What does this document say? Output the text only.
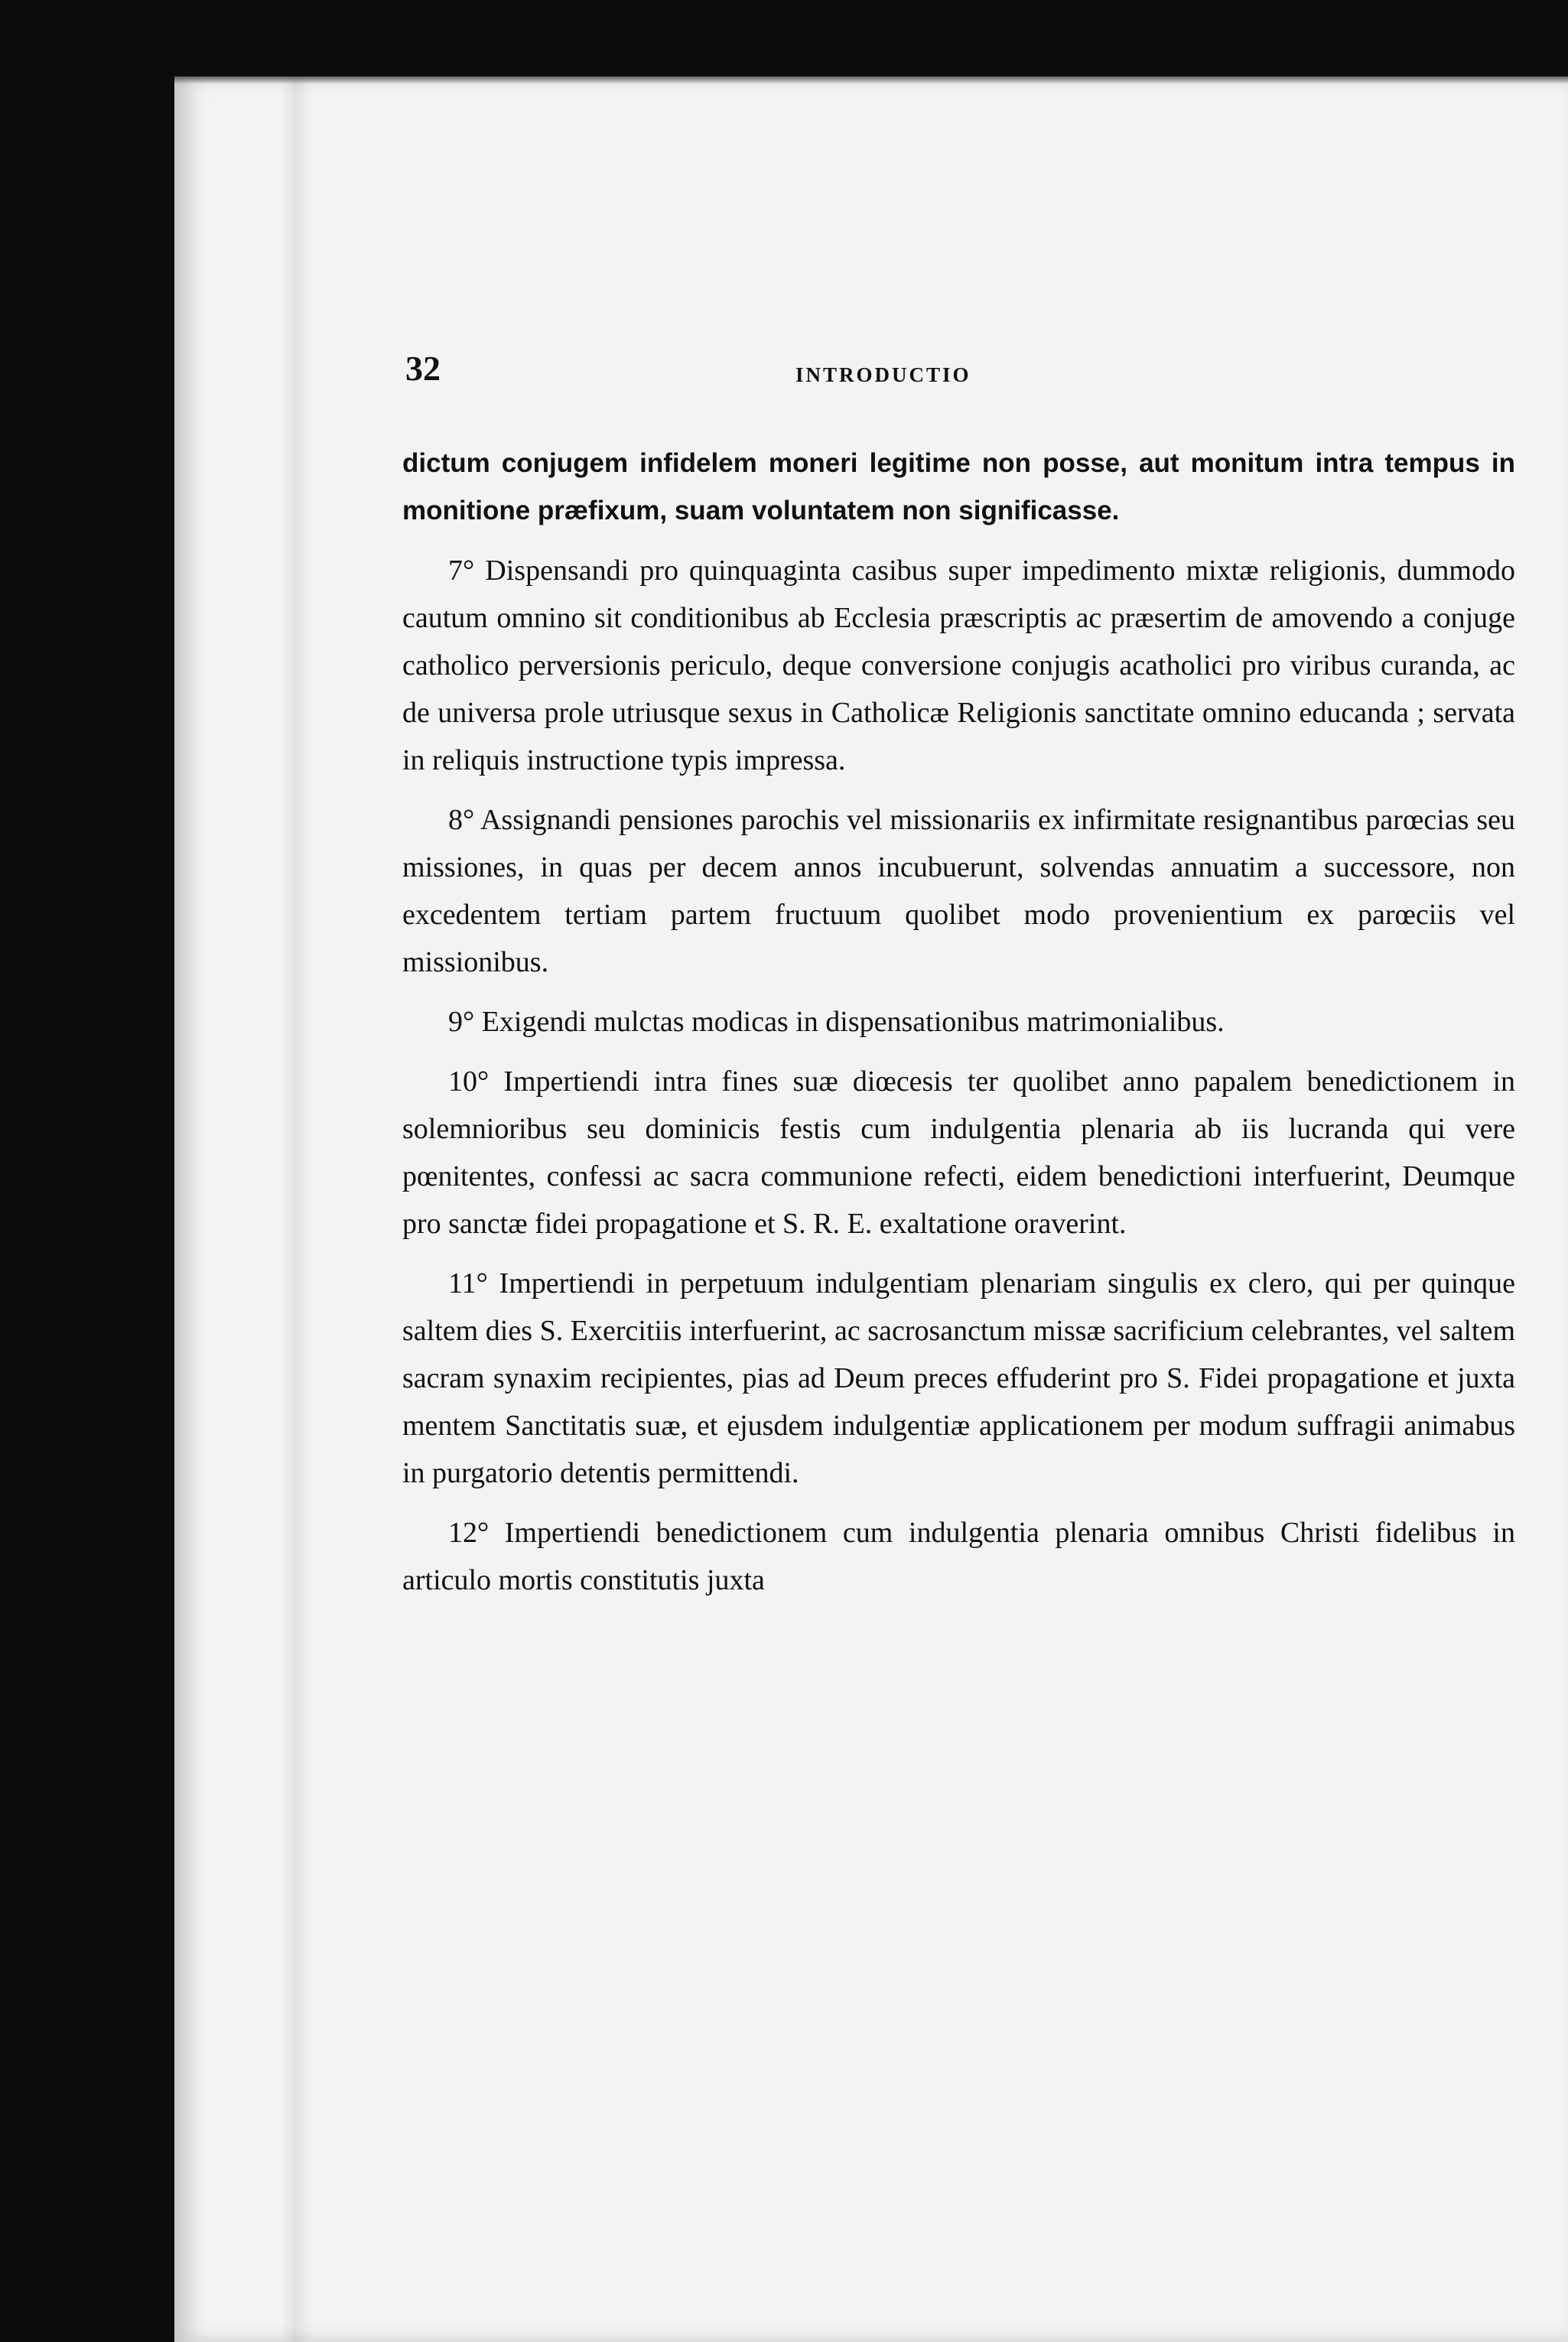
32	INTRODUCTIO

dictum conjugem infidelem moneri legitime non posse, aut monitum intra tempus in monitione præfixum, suam voluntatem non significasse.

7° Dispensandi pro quinquaginta casibus super impedimento mixtæ religionis, dummodo cautum omnino sit conditionibus ab Ecclesia præscriptis ac præsertim de amovendo a conjuge catholico perversionis periculo, deque conversione conjugis acatholici pro viribus curanda, ac de universa prole utriusque sexus in Catholicæ Religionis sanctitate omnino educanda ; servata in reliquis instructione typis impressa.

8° Assignandi pensiones parochis vel missionariis ex infirmitate resignantibus parœcias seu missiones, in quas per decem annos incubuerunt, solvendas annuatim a successore, non excedentem tertiam partem fructuum quolibet modo provenientium ex parœciis vel missionibus.

9° Exigendi mulctas modicas in dispensationibus matrimonialibus.

10° Impertiendi intra fines suæ diœcesis ter quolibet anno papalem benedictionem in solemnioribus seu dominicis festis cum indulgentia plenaria ab iis lucranda qui vere pœnitentes, confessi ac sacra communione refecti, eidem benedictioni interfuerint, Deumque pro sanctæ fidei propagatione et S. R. E. exaltatione oraverint.

11° Impertiendi in perpetuum indulgentiam plenariam singulis ex clero, qui per quinque saltem dies S. Exercitiis interfuerint, ac sacrosanctum missæ sacrificium celebrantes, vel saltem sacram synaxim recipientes, pias ad Deum preces effuderint pro S. Fidei propagatione et juxta mentem Sanctitatis suæ, et ejusdem indulgentiæ applicationem per modum suffragii animabus in purgatorio detentis permittendi.

12° Impertiendi benedictionem cum indulgentia plenaria omnibus Christi fidelibus in articulo mortis constitutis juxta
